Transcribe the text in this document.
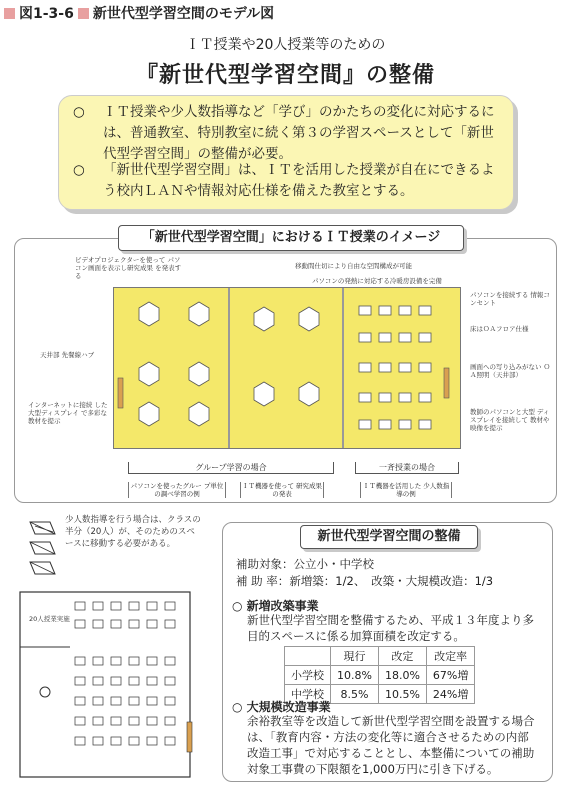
図1-3-6 新世代型学習空間のモデル図
ＩＴ授業や20人授業等のための
『新世代型学習空間』の整備
○	ＩＴ授業や少人数指導など「学び」のかたちの変化に対応するには、普通教室、特別教室に続く第３の学習スペースとして「新世代型学習空間」の整備が必要。
○	「新世代型学習空間」は、ＩＴを活用した授業が自在にできるよう校内ＬＡＮや情報対応仕様を備えた教室とする。
「新世代型学習空間」におけるＩＴ授業のイメージ
ビデオプロジェクターを使って パソコン画面を表示し研究成果 を発表する
移動間仕切により自由な空間構成が可能
パソコンの発熱に対応する冷暖房設備を完備
天井部 先餐線ハブ
インターネットに接続 した大型ディスプレイ で多彩な教材を提示
パソコンを接続する 情報コンセント
床はＯＡフロア仕様
画面への写り込みがない ＯＡ照明（天井部）
教師のパソコンと大型 ディスプレイを接続して 教材や映像を提示
グループ学習の場合	一斉授業の場合
パソコンを使ったグルー プ単位の調べ学習の例
ＩＴ機器を使って 研究成果の発表
ＩＴ機器を活用した 少人数指導の例
少人数指導を行う場合は、クラスの半分（20人）が、そのためのスペースに移動する必要がある。
20人授業実施
新世代型学習空間の整備
補助対象：公立小・中学校
補 助 率：新増築：1/2、　改築・大規模改造：1/3
○ 新増改築事業
新世代型学習空間を整備するため、平成１３年度より多目的スペースに係る加算面積を改定する。
	現行	改定	改定率
小学校	10.8%	18.0%	67%増
中学校	8.5%	10.5%	24%増
○ 大規模改造事業
余裕教室等を改造して新世代型学習空間を設置する場合は、「教育内容・方法の変化等に適合させるための内部改造工事」で対応することとし、本整備についての補助対象工事費の下限額を1,000万円に引き下げる。
